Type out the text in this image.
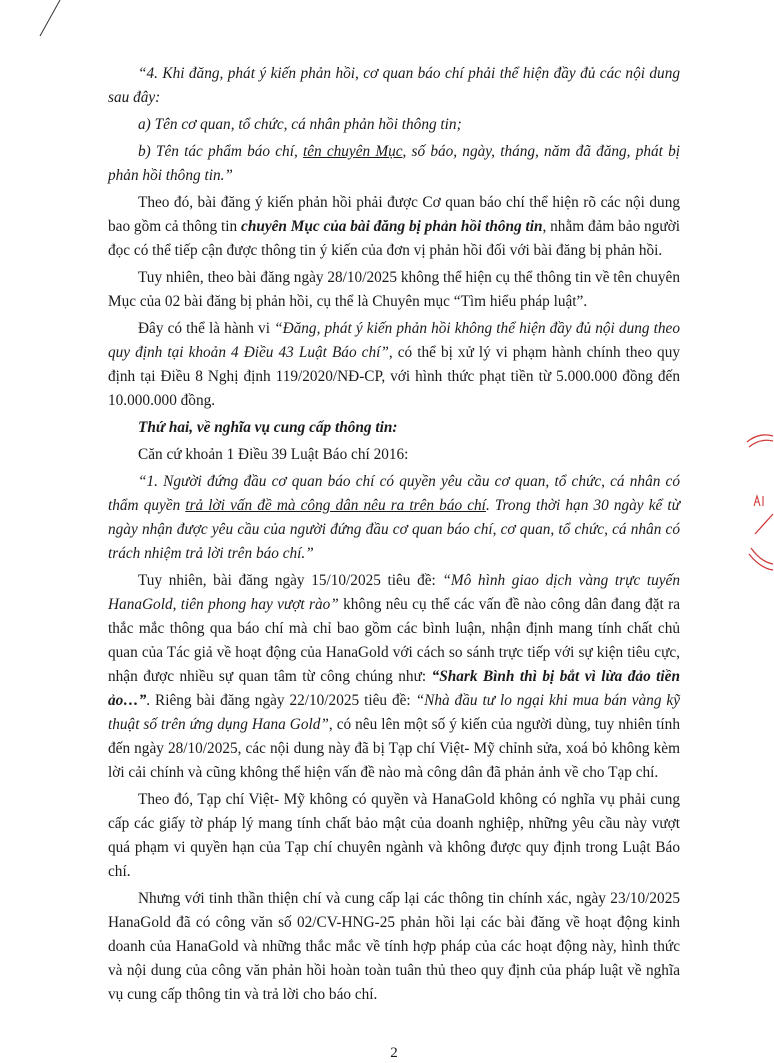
“4. Khi đăng, phát ý kiến phản hồi, cơ quan báo chí phải thể hiện đầy đủ các nội dung sau đây:

a) Tên cơ quan, tổ chức, cá nhân phản hồi thông tin;

b) Tên tác phẩm báo chí, tên chuyên Mục, số báo, ngày, tháng, năm đã đăng, phát bị phản hồi thông tin.”

Theo đó, bài đăng ý kiến phản hồi phải được Cơ quan báo chí thể hiện rõ các nội dung bao gồm cả thông tin chuyên Mục của bài đăng bị phản hồi thông tin, nhằm đảm bảo người đọc có thể tiếp cận được thông tin ý kiến của đơn vị phản hồi đối với bài đăng bị phản hồi.

Tuy nhiên, theo bài đăng ngày 28/10/2025 không thể hiện cụ thể thông tin về tên chuyên Mục của 02 bài đăng bị phản hồi, cụ thể là Chuyên mục “Tìm hiểu pháp luật”.

Đây có thể là hành vi “Đăng, phát ý kiến phản hồi không thể hiện đầy đủ nội dung theo quy định tại khoản 4 Điều 43 Luật Báo chí”, có thể bị xử lý vi phạm hành chính theo quy định tại Điều 8 Nghị định 119/2020/NĐ-CP, với hình thức phạt tiền từ 5.000.000 đồng đến 10.000.000 đồng.

Thứ hai, về nghĩa vụ cung cấp thông tin:

Căn cứ khoản 1 Điều 39 Luật Báo chí 2016:

“1. Người đứng đầu cơ quan báo chí có quyền yêu cầu cơ quan, tổ chức, cá nhân có thẩm quyền trả lời vấn đề mà công dân nêu ra trên báo chí. Trong thời hạn 30 ngày kể từ ngày nhận được yêu cầu của người đứng đầu cơ quan báo chí, cơ quan, tổ chức, cá nhân có trách nhiệm trả lời trên báo chí.”

Tuy nhiên, bài đăng ngày 15/10/2025 tiêu đề: “Mô hình giao dịch vàng trực tuyến HanaGold, tiên phong hay vượt rào” không nêu cụ thể các vấn đề nào công dân đang đặt ra thắc mắc thông qua báo chí mà chỉ bao gồm các bình luận, nhận định mang tính chất chủ quan của Tác giả về hoạt động của HanaGold với cách so sánh trực tiếp với sự kiện tiêu cực, nhận được nhiều sự quan tâm từ công chúng như: “Shark Bình thì bị bắt vì lừa đảo tiền ảo…”. Riêng bài đăng ngày 22/10/2025 tiêu đề: “Nhà đầu tư lo ngại khi mua bán vàng kỹ thuật số trên ứng dụng Hana Gold”, có nêu lên một số ý kiến của người dùng, tuy nhiên tính đến ngày 28/10/2025, các nội dung này đã bị Tạp chí Việt- Mỹ chỉnh sửa, xoá bỏ không kèm lời cải chính và cũng không thể hiện vấn đề nào mà công dân đã phản ảnh về cho Tạp chí.

Theo đó, Tạp chí Việt- Mỹ không có quyền và HanaGold không có nghĩa vụ phải cung cấp các giấy tờ pháp lý mang tính chất bảo mật của doanh nghiệp, những yêu cầu này vượt quá phạm vi quyền hạn của Tạp chí chuyên ngành và không được quy định trong Luật Báo chí.

Nhưng với tinh thần thiện chí và cung cấp lại các thông tin chính xác, ngày 23/10/2025 HanaGold đã có công văn số 02/CV-HNG-25 phản hồi lại các bài đăng về hoạt động kinh doanh của HanaGold và những thắc mắc về tính hợp pháp của các hoạt động này, hình thức và nội dung của công văn phản hồi hoàn toàn tuân thủ theo quy định của pháp luật về nghĩa vụ cung cấp thông tin và trả lời cho báo chí.

2
